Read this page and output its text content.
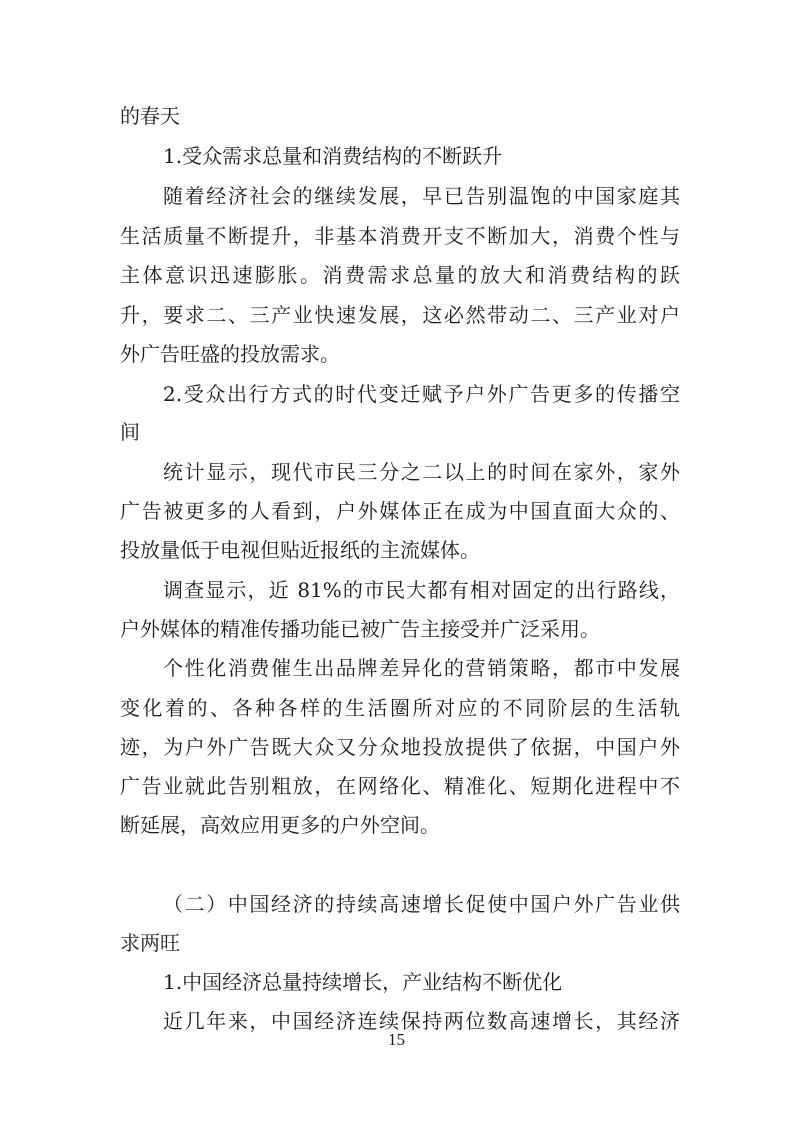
的春天
1.受众需求总量和消费结构的不断跃升
随着经济社会的继续发展，早已告别温饱的中国家庭其
生活质量不断提升，非基本消费开支不断加大，消费个性与
主体意识迅速膨胀。消费需求总量的放大和消费结构的跃
升，要求二、三产业快速发展，这必然带动二、三产业对户
外广告旺盛的投放需求。
2.受众出行方式的时代变迁赋予户外广告更多的传播空
间
统计显示，现代市民三分之二以上的时间在家外，家外
广告被更多的人看到，户外媒体正在成为中国直面大众的、
投放量低于电视但贴近报纸的主流媒体。
调查显示，近 81%的市民大都有相对固定的出行路线，
户外媒体的精准传播功能已被广告主接受并广泛采用。
个性化消费催生出品牌差异化的营销策略，都市中发展
变化着的、各种各样的生活圈所对应的不同阶层的生活轨
迹，为户外广告既大众又分众地投放提供了依据，中国户外
广告业就此告别粗放，在网络化、精准化、短期化进程中不
断延展，高效应用更多的户外空间。
（二）中国经济的持续高速增长促使中国户外广告业供
求两旺
1.中国经济总量持续增长，产业结构不断优化
近几年来，中国经济连续保持两位数高速增长，其经济
15
